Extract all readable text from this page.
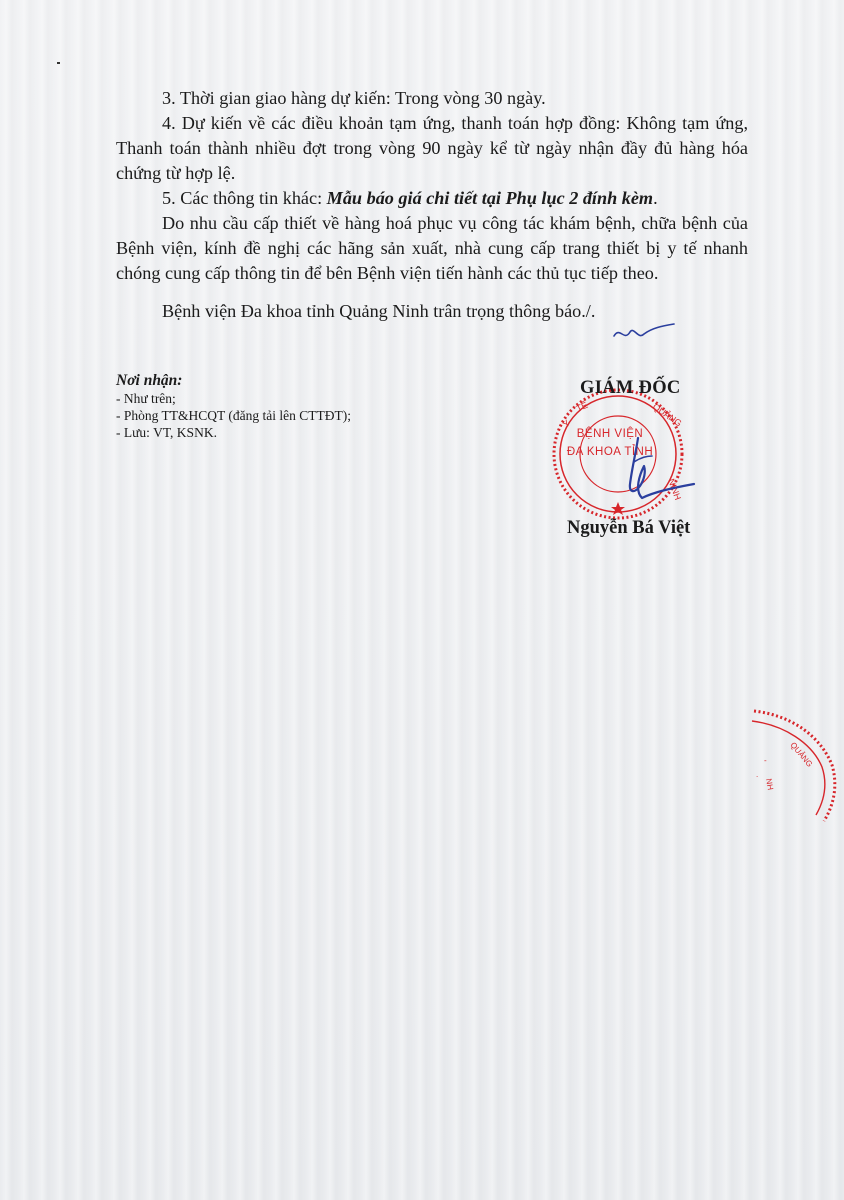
3. Thời gian giao hàng dự kiến: Trong vòng 30 ngày.

4. Dự kiến về các điều khoản tạm ứng, thanh toán hợp đồng: Không tạm ứng, Thanh toán thành nhiều đợt trong vòng 90 ngày kể từ ngày nhận đầy đủ hàng hóa chứng từ hợp lệ.

5. Các thông tin khác: Mẫu báo giá chi tiết tại Phụ lục 2 đính kèm.

Do nhu cầu cấp thiết về hàng hoá phục vụ công tác khám bệnh, chữa bệnh của Bệnh viện, kính đề nghị các hãng sản xuất, nhà cung cấp trang thiết bị y tế nhanh chóng cung cấp thông tin để bên Bệnh viện tiến hành các thủ tục tiếp theo.

Bệnh viện Đa khoa tỉnh Quảng Ninh trân trọng thông báo./.

Nơi nhận:
- Như trên;
- Phòng TT&HCQT (đăng tải lên CTTĐT);
- Lưu: VT, KSNK.
Y
TẾ	QUẢNG
NINH
BỆNH VIỆN
ĐA KHOA TỈNH
GIÁM ĐỐC
Nguyễn Bá Việt
QUẢNG
-
.
NH
